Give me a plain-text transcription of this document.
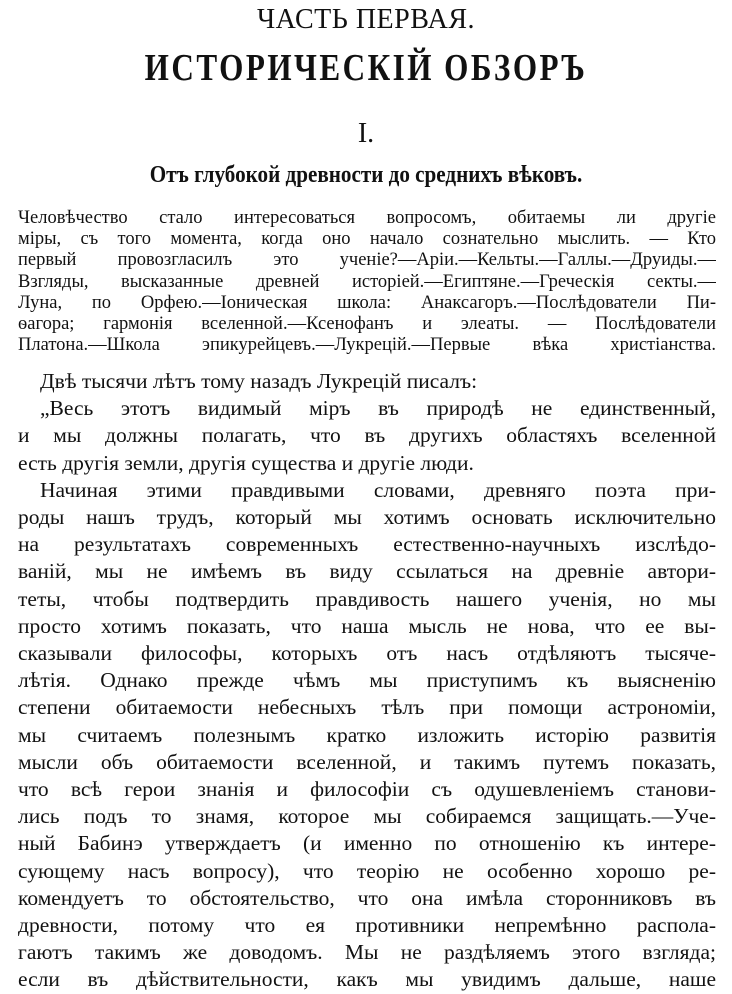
ЧАСТЬ ПЕРВАЯ.
ИСТОРИЧЕСКІЙ ОБЗОРЪ
I.
Отъ глубокой древности до среднихъ вѣковъ.
Человѣчество стало интересоваться вопросомъ, обитаемы ли другіе
міры, съ того момента, когда оно начало сознательно мыслить. — Кто
первый провозгласилъ это ученіе?—Аріи.—Кельты.—Галлы.—Друиды.—
Взгляды, высказанные древней исторіей.—Египтяне.—Греческія секты.—
Луна, по Орфею.—Іоническая школа: Анаксагоръ.—Послѣдователи Пи-
ѳагора; гармонія вселенной.—Ксенофанъ и элеаты. — Послѣдователи
Платона.—Школа эпикурейцевъ.—Лукрецій.—Первые вѣка христіанства.
Двѣ тысячи лѣтъ тому назадъ Лукрецій писалъ:
„Весь этотъ видимый міръ въ природѣ не единственный,
и мы должны полагать, что въ другихъ областяхъ вселенной
есть другія земли, другія существа и другіе люди.
Начиная этими правдивыми словами, древняго поэта при-
роды нашъ трудъ, который мы хотимъ основать исключительно
на результатахъ современныхъ естественно-научныхъ изслѣдо-
ваній, мы не имѣемъ въ виду ссылаться на древніе автори-
теты, чтобы подтвердить правдивость нашего ученія, но мы
просто хотимъ показать, что наша мысль не нова, что ее вы-
сказывали философы, которыхъ отъ насъ отдѣляютъ тысяче-
лѣтія. Однако прежде чѣмъ мы приступимъ къ выясненію
степени обитаемости небесныхъ тѣлъ при помощи астрономіи,
мы считаемъ полезнымъ кратко изложить исторію развитія
мысли объ обитаемости вселенной, и такимъ путемъ показать,
что всѣ герои знанія и философіи съ одушевленіемъ станови-
лись подъ то знамя, которое мы собираемся защищать.—Уче-
ный Бабинэ утверждаетъ (и именно по отношенію къ интере-
сующему насъ вопросу), что теорію не особенно хорошо ре-
комендуетъ то обстоятельство, что она имѣла сторонниковъ въ
древности, потому что ея противники непремѣнно распола-
гаютъ такимъ же доводомъ. Мы не раздѣляемъ этого взгляда;
если въ дѣйствительности, какъ мы увидимъ дальше, наше
